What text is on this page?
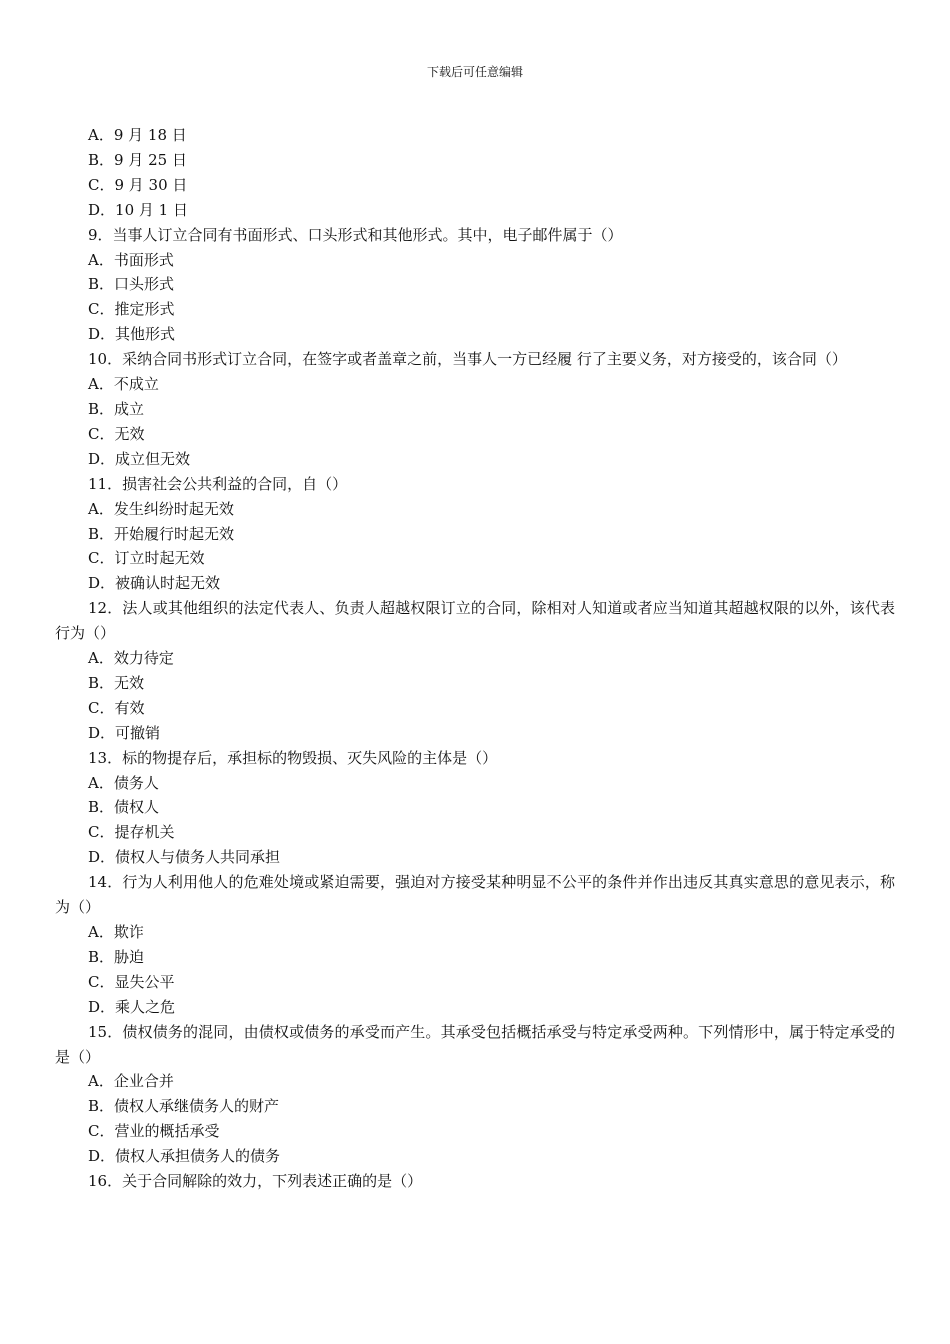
下载后可任意编辑

A．9 月 18 日

B．9 月 25 日

C．9 月 30 日

D．10 月 1 日

9．当事人订立合同有书面形式、口头形式和其他形式。其中，电子邮件属于（）

A．书面形式

B．口头形式

C．推定形式

D．其他形式

10．采纳合同书形式订立合同，在签字或者盖章之前，当事人一方已经履 行了主要义务，对方接受的，该合同（）

A．不成立

B．成立

C．无效

D．成立但无效

11．损害社会公共利益的合同，自（）

A．发生纠纷时起无效

B．开始履行时起无效

C．订立时起无效

D．被确认时起无效

12．法人或其他组织的法定代表人、负责人超越权限订立的合同，除相对人知道或者应当知道其超越权限的以外，该代表行为（）

A．效力待定

B．无效

C．有效

D．可撤销

13．标的物提存后，承担标的物毁损、灭失风险的主体是（）

A．债务人

B．债权人

C．提存机关

D．债权人与债务人共同承担

14．行为人利用他人的危难处境或紧迫需要，强迫对方接受某种明显不公平的条件并作出违反其真实意思的意见表示，称为（）

A．欺诈

B．胁迫

C．显失公平

D．乘人之危

15．债权债务的混同，由债权或债务的承受而产生。其承受包括概括承受与特定承受两种。下列情形中，属于特定承受的是（）

A．企业合并

B．债权人承继债务人的财产

C．营业的概括承受

D．债权人承担债务人的债务

16．关于合同解除的效力，下列表述正确的是（）
